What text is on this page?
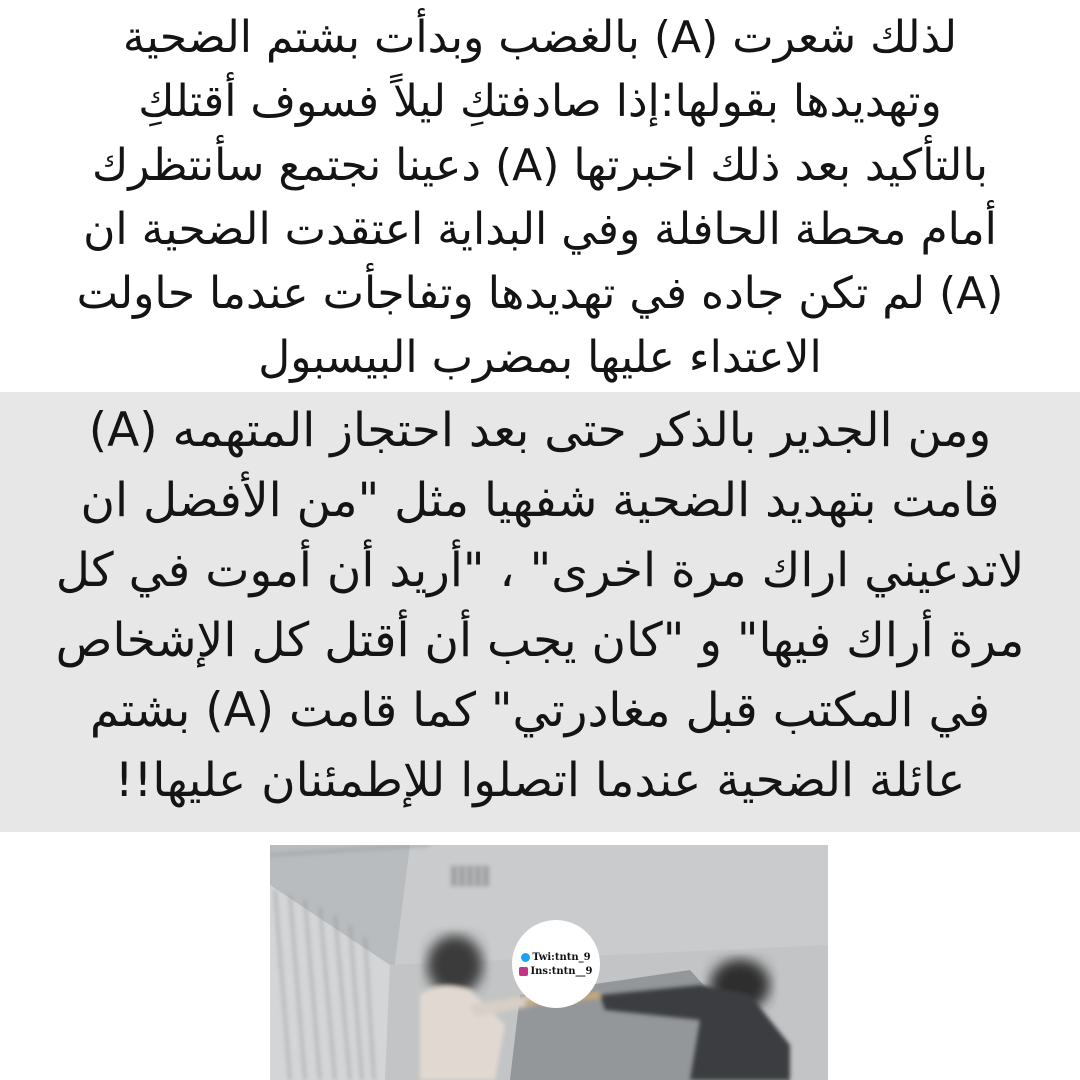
لذلك شعرت (A) بالغضب وبدأت بشتم الضحية
وتهديدها بقولها:إذا صادفتكِ ليلاً فسوف أقتلكِ
بالتأكيد بعد ذلك اخبرتها (A) دعينا نجتمع سأنتظرك
أمام محطة الحافلة وفي البداية اعتقدت الضحية ان
(A) لم تكن جاده في تهديدها وتفاجأت عندما حاولت
الاعتداء عليها بمضرب البيسبول
ومن الجدير بالذكر حتى بعد احتجاز المتهمه (A)
قامت بتهديد الضحية شفهيا مثل "من الأفضل ان
لاتدعيني اراك مرة اخرى" ، "أريد أن أموت في كل
مرة أراك فيها" و "كان يجب أن أقتل كل الإشخاص
في المكتب قبل مغادرتي" كما قامت (A) بشتم
عائلة الضحية عندما اتصلوا للإطمئنان عليها!!
Twi:tntn_9
Ins:tntn__9
